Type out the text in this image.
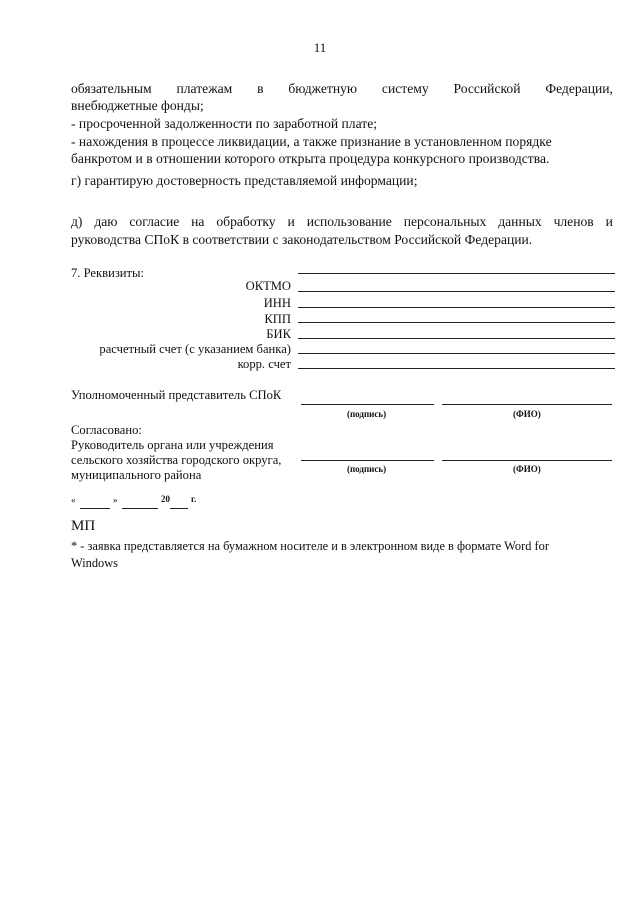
11
обязательным платежам в бюджетную систему Российской Федерации,
внебюджетные фонды;
- просроченной задолженности по заработной плате;
- нахождения в процессе ликвидации, а также признание в установленном порядке
банкротом и в отношении которого открыта процедура конкурсного производства.
г) гарантирую достоверность представляемой информации;
д) даю согласие на обработку и использование персональных данных членов и
руководства СПоК в соответствии с законодательством Российской Федерации.
7. Реквизиты:
ОКТМО
ИНН
КПП
БИК
расчетный счет (с указанием банка)
корр. счет
Уполномоченный представитель СПоК
(подпись)	(ФИО)
Согласовано:
Руководитель органа или учреждения
сельского хозяйства городского округа,
муниципального района	(подпись)	(ФИО)
«	»	20 г.
МП
* - заявка представляется на бумажном носителе и в электронном виде в формате Word for
Windows
